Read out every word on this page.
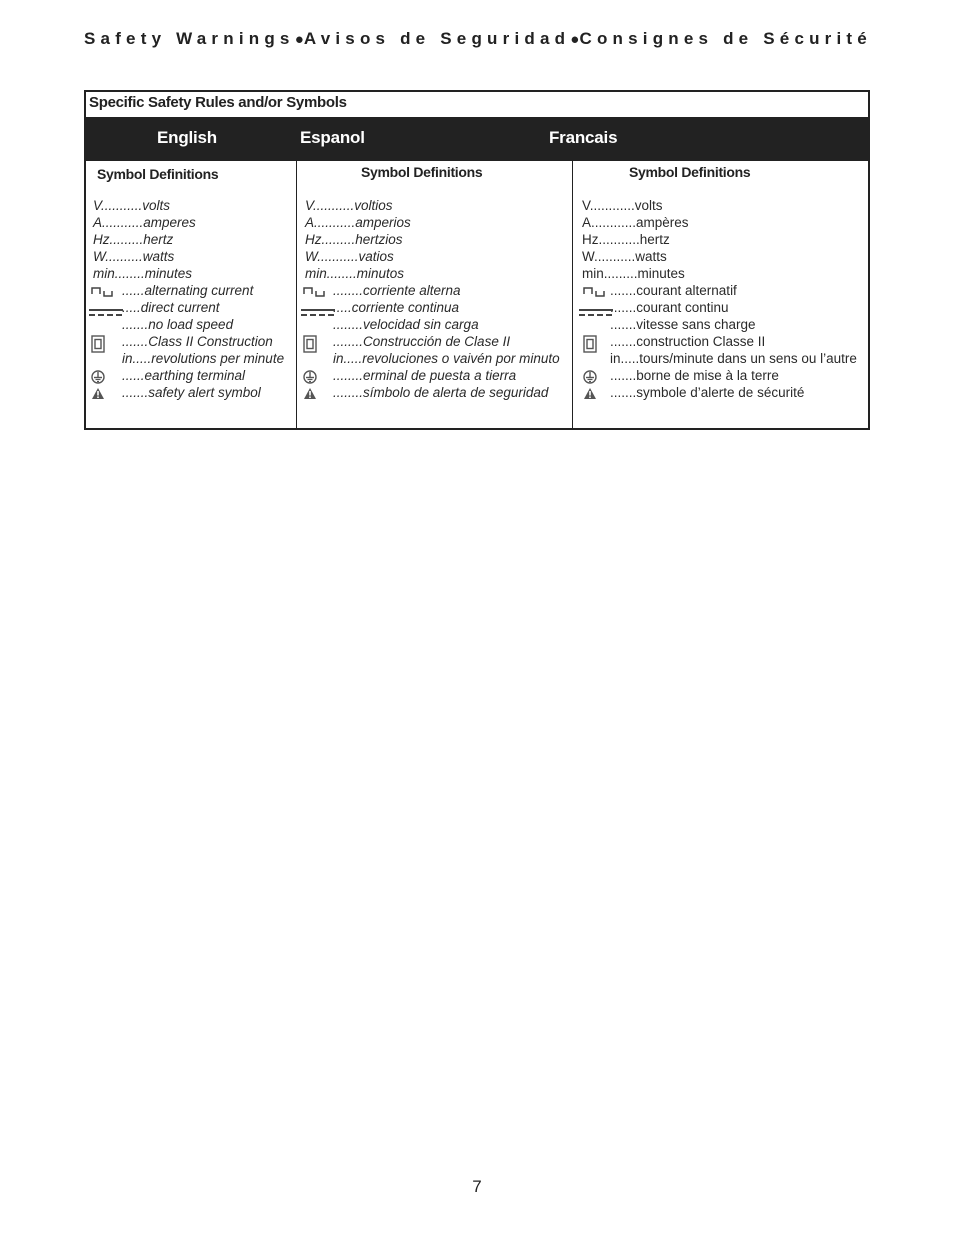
Safety Warnings ● Avisos de Seguridad ● Consignes de Sécurité
Specific Safety Rules and/or Symbols
English	Espanol	Francais
Symbol Definitions
V...........volts
A...........amperes
Hz.........hertz
W..........watts
min........minutes
......alternating current
.....direct current
.......no load speed
.......Class II Construction
in.....revolutions per minute
......earthing terminal
.......safety alert symbol
Symbol Definitions
V...........voltios
A...........amperios
Hz.........hertzios
W...........vatios
min........minutos
........corriente alterna
.....corriente continua
........velocidad sin carga
........Construcción de Clase II
in.....revoluciones o vaivén por minuto
........erminal de puesta a tierra
........símbolo de alerta de seguridad
Symbol Definitions
V............volts
A............ampères
Hz...........hertz
W...........watts
min.........minutes
.......courant alternatif
.......courant continu
.......vitesse sans charge
.......construction Classe II
in.....tours/minute dans un sens ou l’autre
.......borne de mise à la terre
.......symbole d’alerte de sécurité
7
